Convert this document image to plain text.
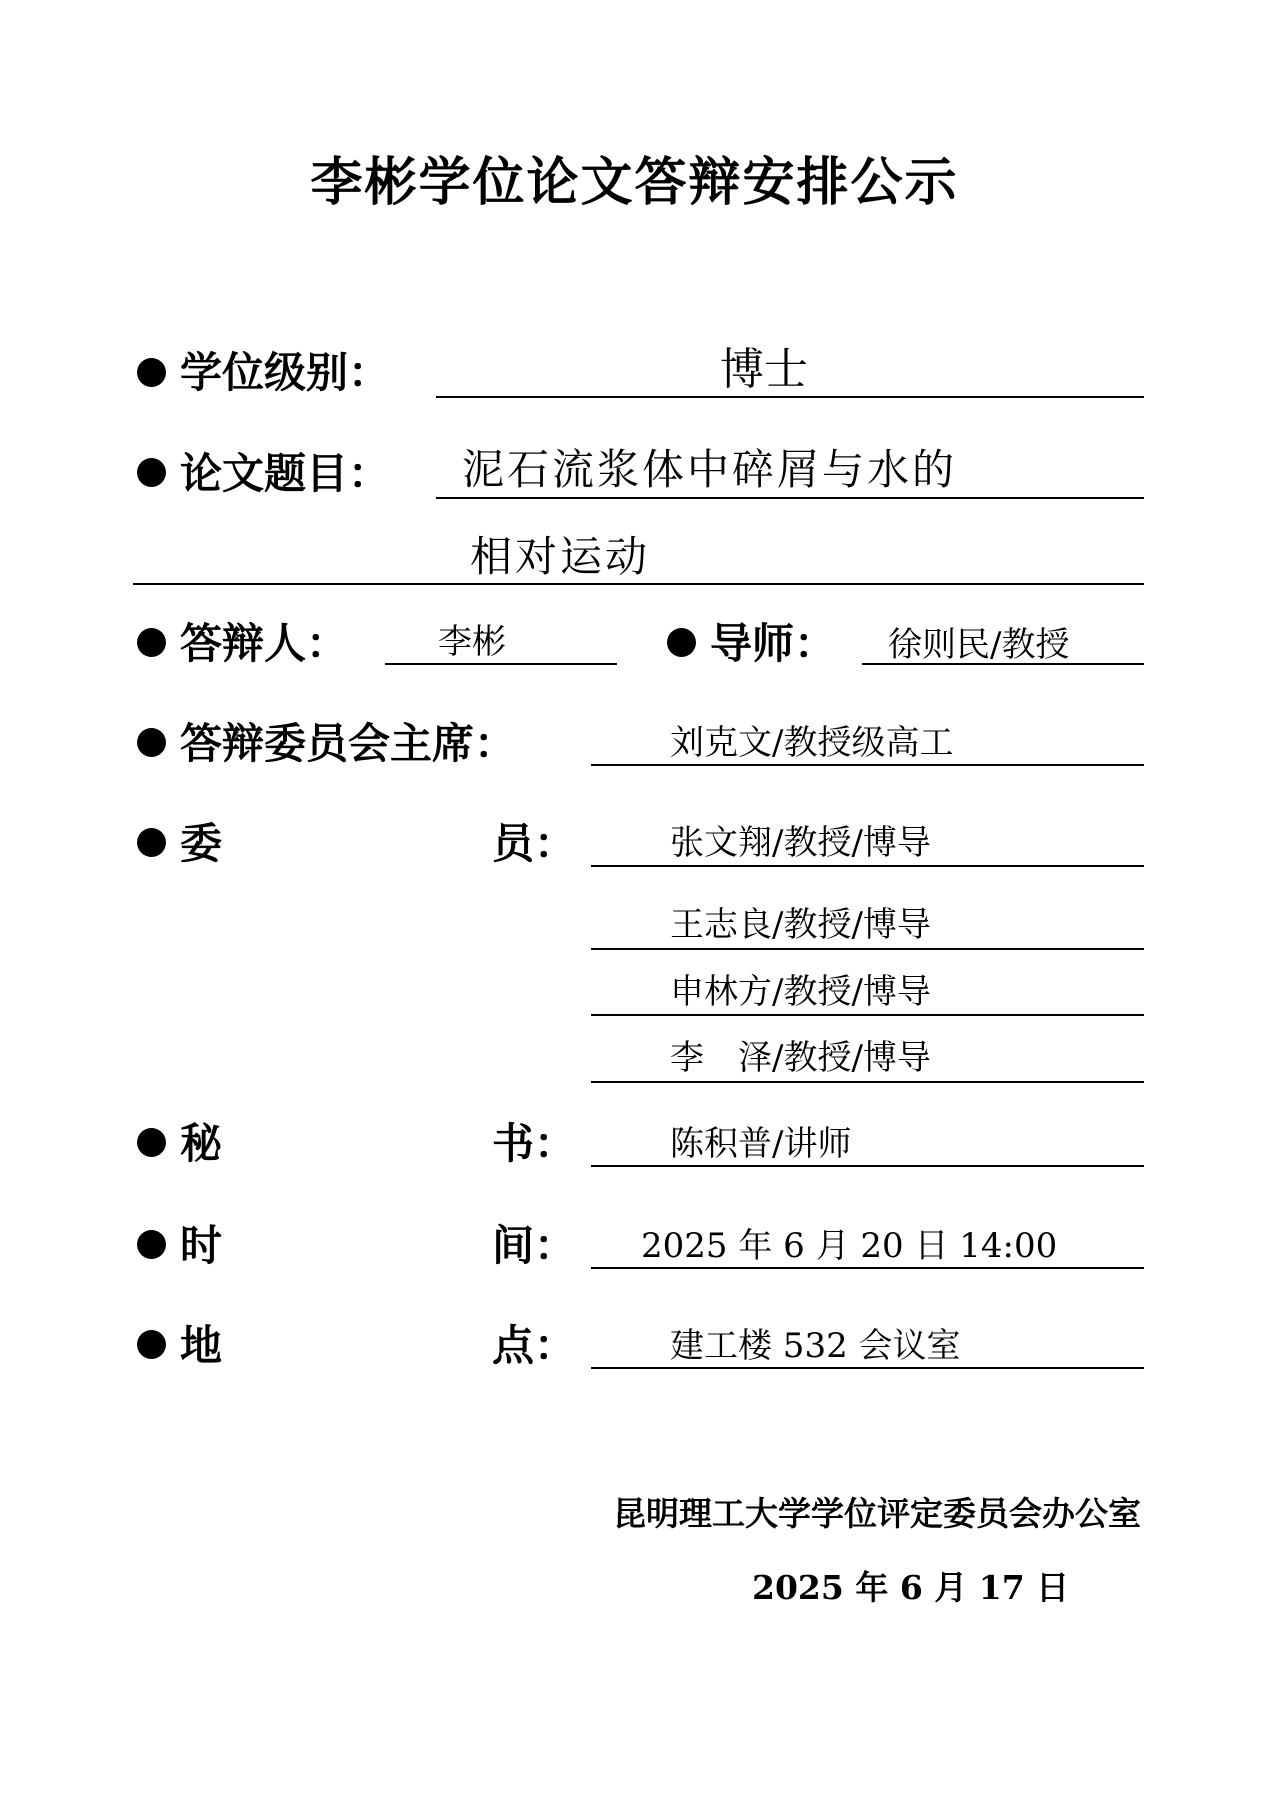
李彬学位论文答辩安排公示
学位级别：	博士
论文题目： 泥石流浆体中碎屑与水的
相对运动
答辩人：	李彬	导师： 徐则民/教授
答辩委员会主席：	刘克文/教授级高工
委	员：	张文翔/教授/博导
王志良/教授/博导
申林方/教授/博导
李　泽/教授/博导
秘	书：	陈积普/讲师
时	间： 2025 年 6 月 20 日 14:00
地	点：	建工楼 532 会议室
昆明理工大学学位评定委员会办公室
2025 年 6 月 17 日
